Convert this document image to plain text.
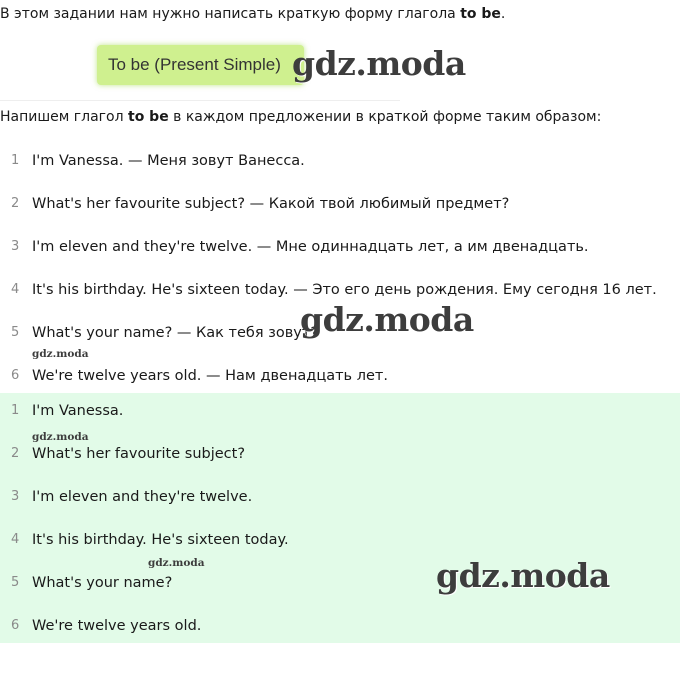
В этом задании нам нужно написать краткую форму глагола to be.
To be (Present Simple)
Напишем глагол to be в каждом предложении в краткой форме таким образом:
1 I'm Vanessa. — Меня зовут Ванесса.
2 What's her favourite subject? — Какой твой любимый предмет?
3 I'm eleven and they're twelve. — Мне одиннадцать лет, а им двенадцать.
4 It's his birthday. He's sixteen today. — Это его день рождения. Ему сегодня 16 лет.
5 What's your name? — Как тебя зовут?
6 We're twelve years old. — Нам двенадцать лет.
1 I'm Vanessa.
2 What's her favourite subject?
3 I'm eleven and they're twelve.
4 It's his birthday. He's sixteen today.
5 What's your name?
6 We're twelve years old.
gdz.moda
gdz.moda
gdz.moda
gdz.moda
gdz.moda
gdz.moda
